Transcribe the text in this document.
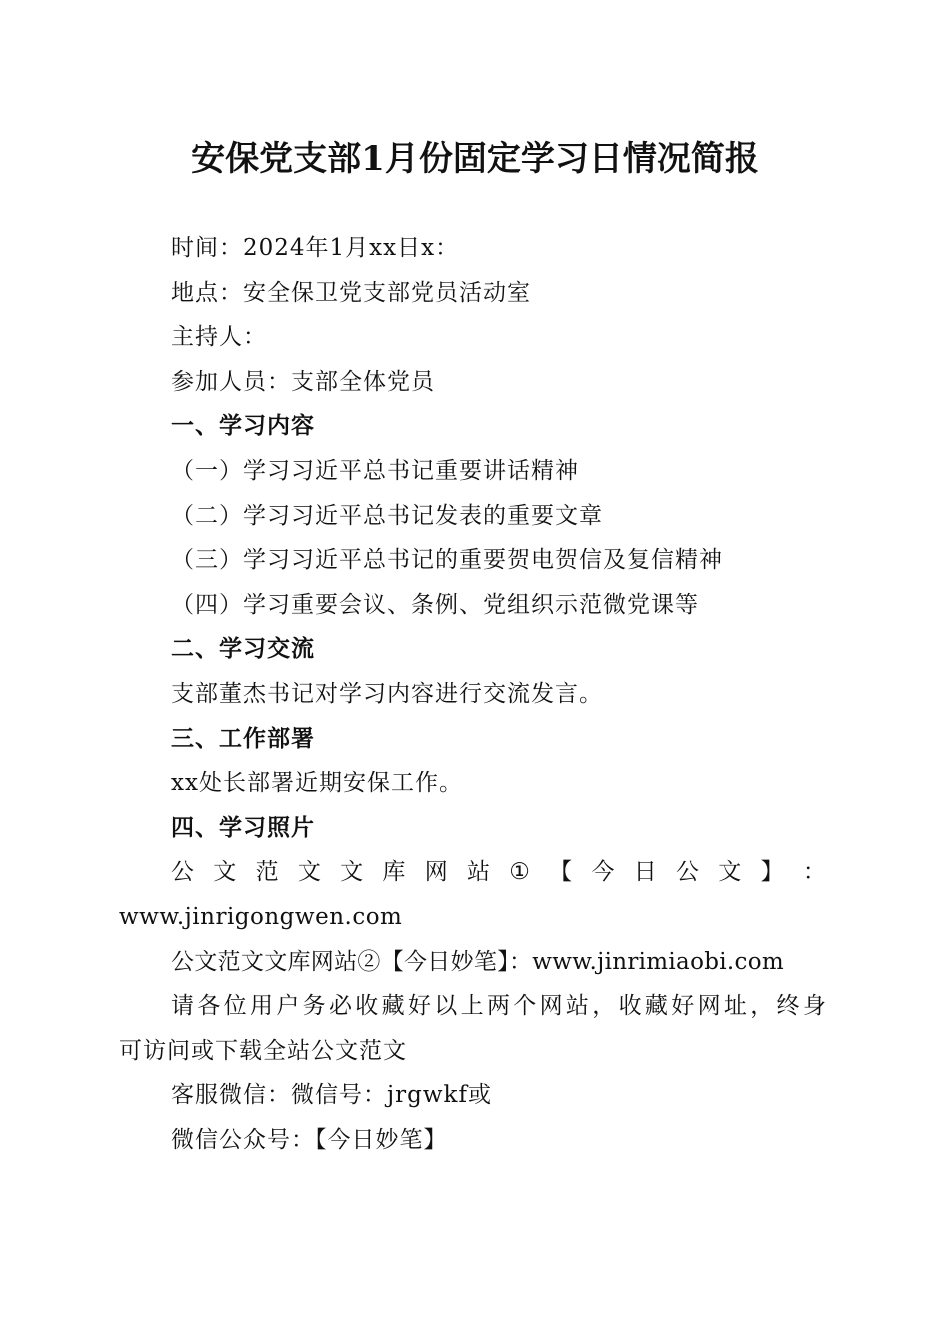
安保党支部1月份固定学习日情况简报
时间：2024年1月xx日x：
地点：安全保卫党支部党员活动室
主持人：
参加人员：支部全体党员
一、学习内容
（一）学习习近平总书记重要讲话精神
（二）学习习近平总书记发表的重要文章
（三）学习习近平总书记的重要贺电贺信及复信精神
（四）学习重要会议、条例、党组织示范微党课等
二、学习交流
支部董杰书记对学习内容进行交流发言。
三、工作部署
xx处长部署近期安保工作。
四、学习照片
公 文 范 文 文 库 网 站 ① 【 今 日 公 文 】 ：
www.jinrigongwen.com
公文范文文库网站②【今日妙笔】：www.jinrimiaobi.com
请 各 位 用 户 务 必 收 藏 好 以 上 两 个 网 站 ， 收 藏 好 网 址 ， 终 身
可访问或下载全站公文范文
客服微信：微信号：jrgwkf或
微信公众号：【今日妙笔】
